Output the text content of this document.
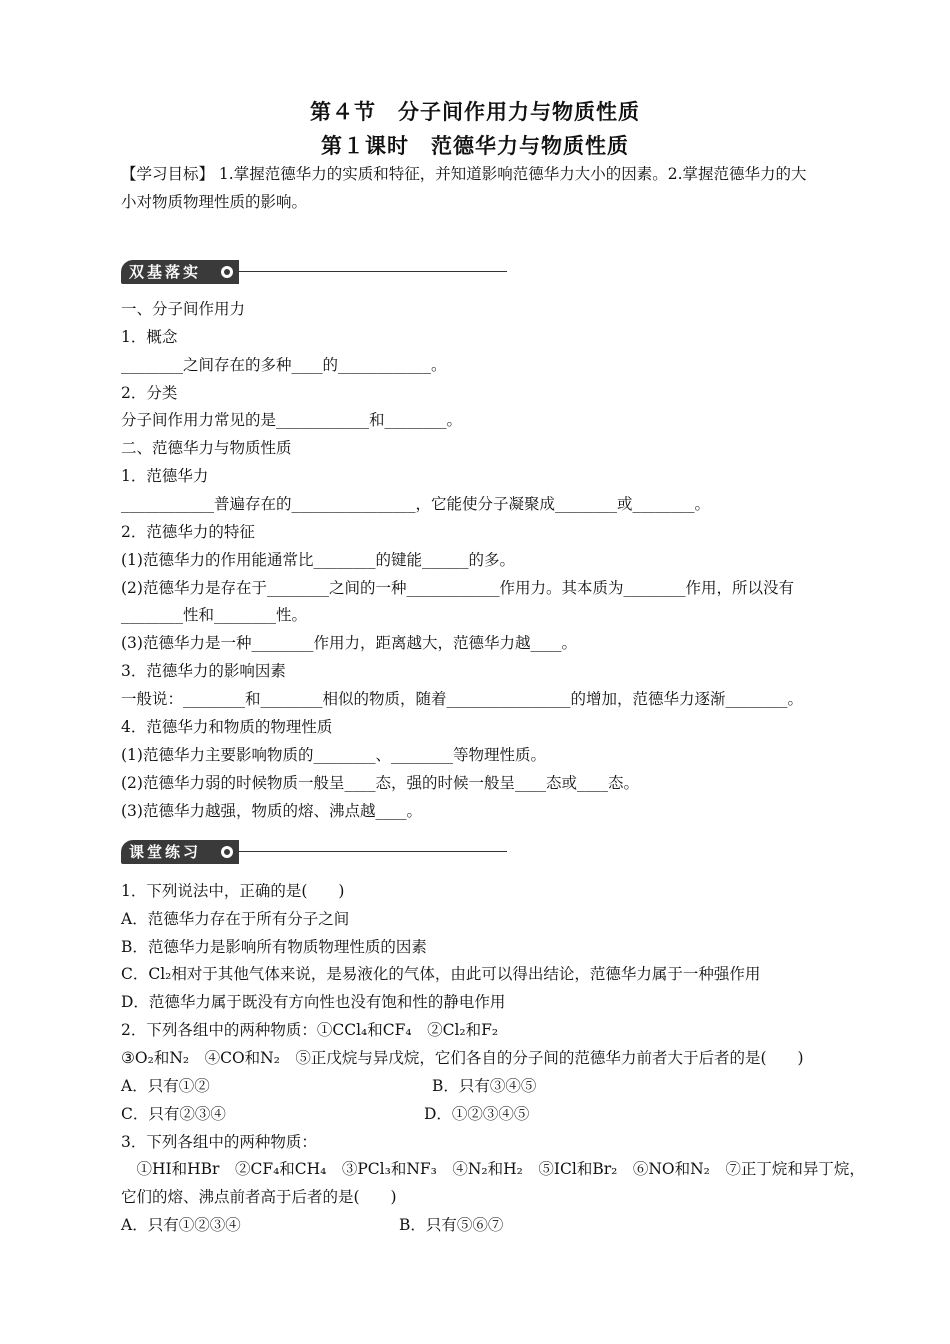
第４节　分子间作用力与物质性质
第１课时　范德华力与物质性质
【学习目标】 1.掌握范德华力的实质和特征，并知道影响范德华力大小的因素。2.掌握范德华力的大
小对物质物理性质的影响。
双基落实
一、分子间作用力
1．概念
________之间存在的多种____的____________。
2．分类
分子间作用力常见的是____________和________。
二、范德华力与物质性质
1．范德华力
____________普遍存在的________________，它能使分子凝聚成________或________。
2．范德华力的特征
(1)范德华力的作用能通常比________的键能______的多。
(2)范德华力是存在于________之间的一种____________作用力。其本质为________作用，所以没有
________性和________性。
(3)范德华力是一种________作用力，距离越大，范德华力越____。
3．范德华力的影响因素
一般说：________和________相似的物质，随着________________的增加，范德华力逐渐________。
4．范德华力和物质的物理性质
(1)范德华力主要影响物质的________、________等物理性质。
(2)范德华力弱的时候物质一般呈____态，强的时候一般呈____态或____态。
(3)范德华力越强，物质的熔、沸点越____。
课堂练习
1．下列说法中，正确的是(　　)
A．范德华力存在于所有分子之间
B．范德华力是影响所有物质物理性质的因素
C．Cl₂相对于其他气体来说，是易液化的气体，由此可以得出结论，范德华力属于一种强作用
D．范德华力属于既没有方向性也没有饱和性的静电作用
2．下列各组中的两种物质：①CCl₄和CF₄　②Cl₂和F₂
③O₂和N₂　④CO和N₂　⑤正戊烷与异戊烷，它们各自的分子间的范德华力前者大于后者的是(　　)
A．只有①②	B．只有③④⑤
C．只有②③④	D．①②③④⑤
3．下列各组中的两种物质：
　①HI和HBr　②CF₄和CH₄　③PCl₃和NF₃　④N₂和H₂　⑤ICl和Br₂　⑥NO和N₂　⑦正丁烷和异丁烷，
它们的熔、沸点前者高于后者的是(　　)
A．只有①②③④	B．只有⑤⑥⑦
